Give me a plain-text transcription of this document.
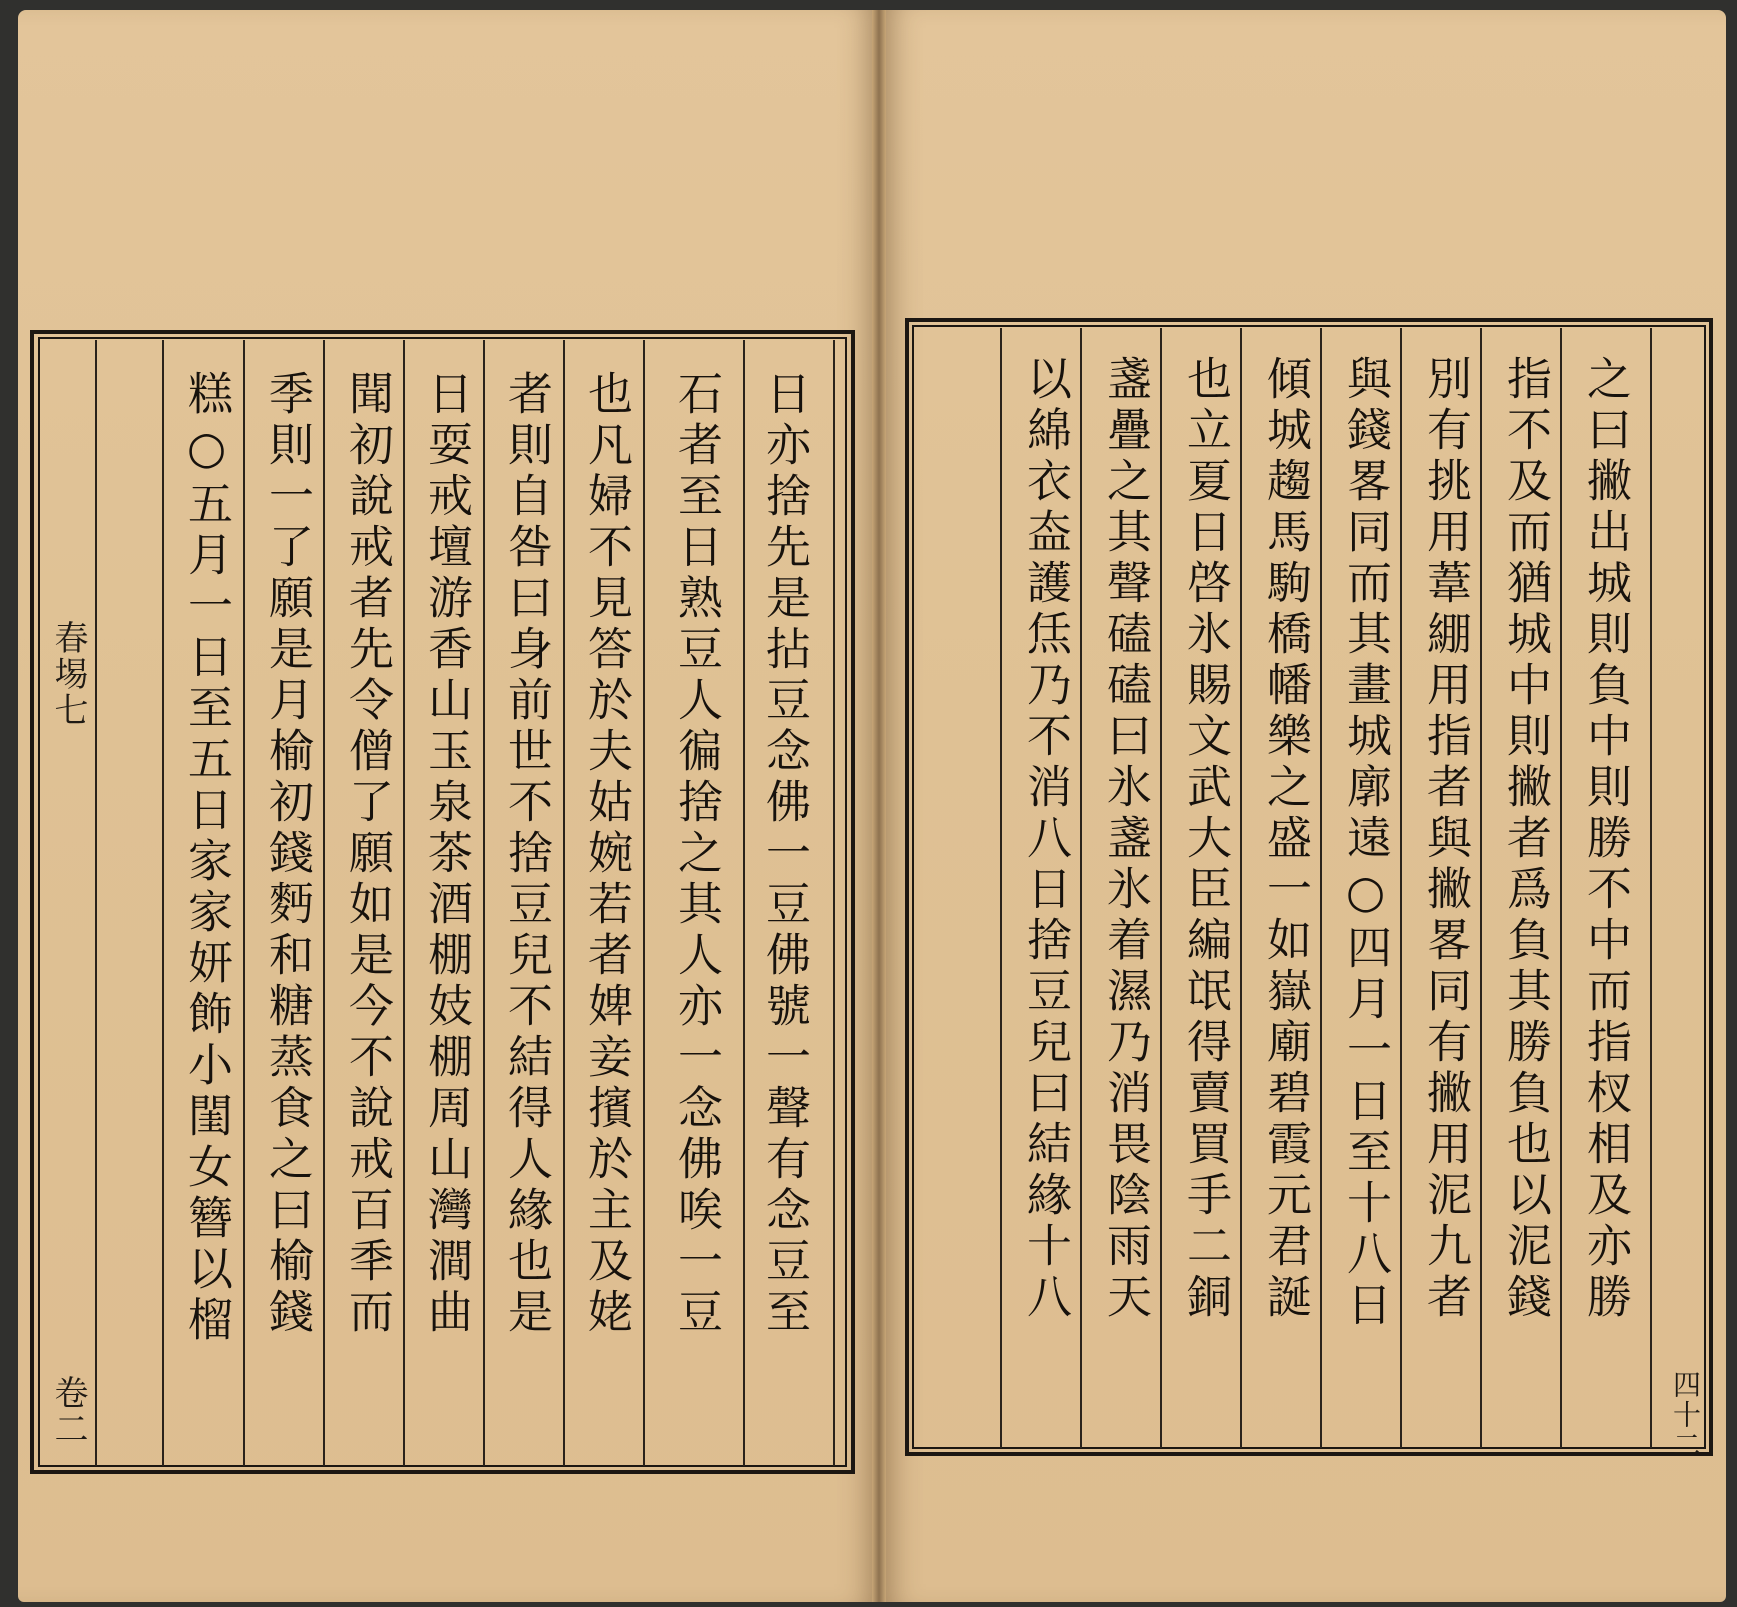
春埸七
卷二
日亦捨先是拈豆念佛一豆佛號一聲有念豆至
石者至日熟豆人徧捨之其人亦一念佛唉一豆
也凡婦不見答於夫姑婉若者婢妾擯於主及姥
者則自咎曰身前世不捨豆兒不結得人緣也是
日耍戒壇游香山玉泉茶酒棚妓棚周山灣澗曲
聞初說戒者先令僧了願如是今不說戒百秊而
季則一了願是月榆初錢麪和糖蒸食之曰榆錢
糕○五月一日至五日家家妍飾小閨女簪以榴
四十二
之曰撇出城則負中則勝不中而指杈相及亦勝
指不及而猶城中則撇者爲負其勝負也以泥錢
別有挑用葦綳用指者與撇畧同有撇用泥九者
與錢畧同而其畫城廓遠○四月一日至十八日
傾城趨馬駒橋幡樂之盛一如嶽廟碧霞元君誕
也立夏日啓氷賜文武大臣編氓得賣買手二銅
盞疊之其聲磕磕曰氷盞氷着濕乃消畏陰雨天
以綿衣盇護㶵乃不消八日捨豆兒曰結緣十八
